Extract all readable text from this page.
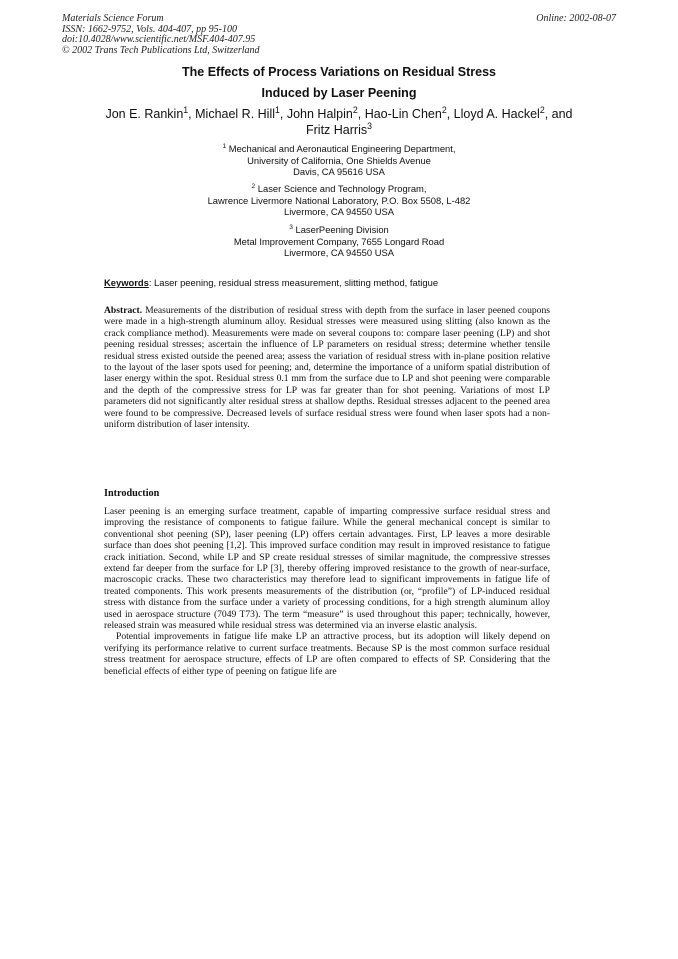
Materials Science Forum
ISSN: 1662-9752, Vols. 404-407, pp 95-100
doi:10.4028/www.scientific.net/MSF.404-407.95
© 2002 Trans Tech Publications Ltd, Switzerland
Online: 2002-08-07
The Effects of Process Variations on Residual Stress
Induced by Laser Peening
Jon E. Rankin$^1$, Michael R. Hill$^1$, John Halpin$^2$, Hao-Lin Chen$^2$, Lloyd A. Hackel$^2$, and Fritz Harris$^3$
$^1$ Mechanical and Aeronautical Engineering Department,
University of California, One Shields Avenue
Davis, CA 95616 USA
$^2$ Laser Science and Technology Program,
Lawrence Livermore National Laboratory, P.O. Box 5508, L-482
Livermore, CA 94550 USA
$^3$ LaserPeening Division
Metal Improvement Company, 7655 Longard Road
Livermore, CA 94550 USA
Keywords: Laser peening, residual stress measurement, slitting method, fatigue

Abstract. Measurements of the distribution of residual stress with depth from the surface in laser peened coupons were made in a high-strength aluminum alloy. Residual stresses were measured using slitting (also known as the crack compliance method). Measurements were made on several coupons to: compare laser peening (LP) and shot peening residual stresses; ascertain the influence of LP parameters on residual stress; determine whether tensile residual stress existed outside the peened area; assess the variation of residual stress with in-plane position relative to the layout of the laser spots used for peening; and, determine the importance of a uniform spatial distribution of laser energy within the spot. Residual stress 0.1 mm from the surface due to LP and shot peening were comparable and the depth of the compressive stress for LP was far greater than for shot peening. Variations of most LP parameters did not significantly alter residual stress at shallow depths. Residual stresses adjacent to the peened area were found to be compressive. Decreased levels of surface residual stress were found when laser spots had a non-uniform distribution of laser intensity.

Introduction

Laser peening is an emerging surface treatment, capable of imparting compressive surface residual stress and improving the resistance of components to fatigue failure. While the general mechanical concept is similar to conventional shot peening (SP), laser peening (LP) offers certain advantages. First, LP leaves a more desirable surface than does shot peening [1,2]. This improved surface condition may result in improved resistance to fatigue crack initiation. Second, while LP and SP create residual stresses of similar magnitude, the compressive stresses extend far deeper from the surface for LP [3], thereby offering improved resistance to the growth of near-surface, macroscopic cracks. These two characteristics may therefore lead to significant improvements in fatigue life of treated components. This work presents measurements of the distribution (or, “profile”) of LP-induced residual stress with distance from the surface under a variety of processing conditions, for a high strength aluminum alloy used in aerospace structure (7049 T73). The term “measure” is used throughout this paper; technically, however, released strain was measured while residual stress was determined via an inverse elastic analysis.

Potential improvements in fatigue life make LP an attractive process, but its adoption will likely depend on verifying its performance relative to current surface treatments. Because SP is the most common surface residual stress treatment for aerospace structure, effects of LP are often compared to effects of SP. Considering that the beneficial effects of either type of peening on fatigue life are
